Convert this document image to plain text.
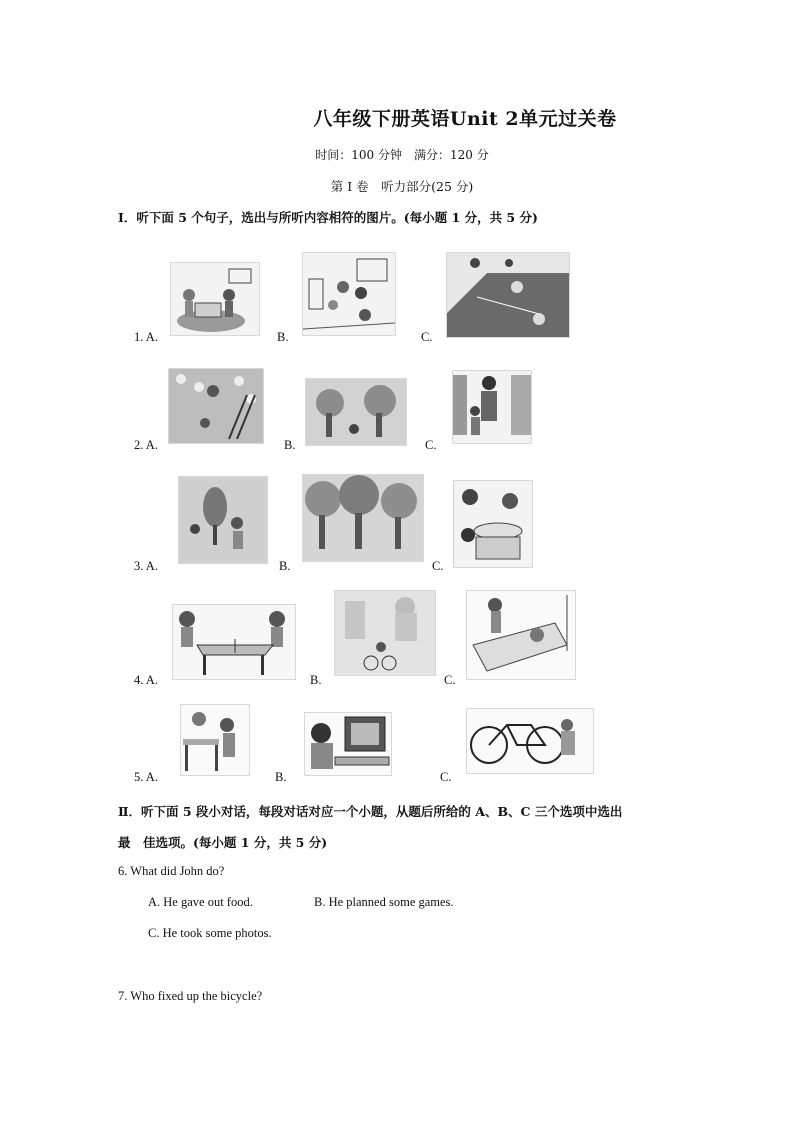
八年级下册英语Unit 2单元过关卷
时间：100 分钟　满分：120 分
第 Ⅰ 卷　听力部分(25 分)
Ⅰ．听下面 5 个句子，选出与所听内容相符的图片。(每小题 1 分，共 5 分)
1. A.	B.	C.
2. A.	B.	C.
3. A.	B.	C.
4. A.	B.	C.
5. A.	B.	C.
Ⅱ．听下面 5 段小对话，每段对话对应一个小题，从题后所给的 A、B、C 三个选项中选出
最　佳选项。(每小题 1 分，共 5 分)
6. What did John do?
A. He gave out food.	B. He planned some games.
C. He took some photos.
7. Who fixed up the bicycle?
